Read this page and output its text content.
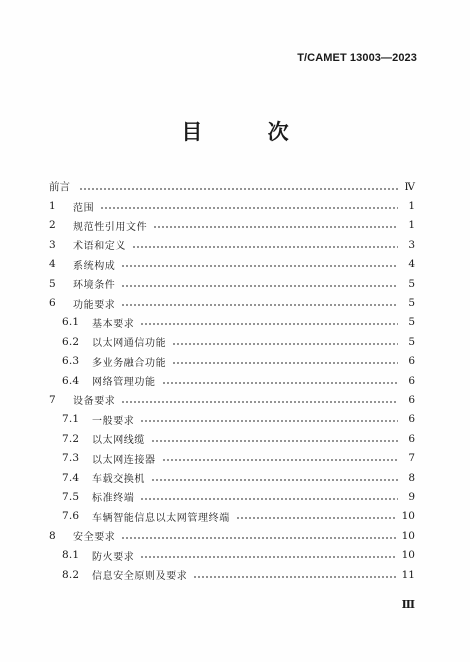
T/CAMET 13003—2023
目 次
前言	Ⅳ
1	范围	1
2	规范性引用文件	1
3	术语和定义	3
4	系统构成	4
5	环境条件	5
6	功能要求	5
6.1	基本要求	5
6.2	以太网通信功能	5
6.3	多业务融合功能	6
6.4	网络管理功能	6
7	设备要求	6
7.1	一般要求	6
7.2	以太网线缆	6
7.3	以太网连接器	7
7.4	车载交换机	8
7.5	标准终端	9
7.6	车辆智能信息以太网管理终端	10
8	安全要求	10
8.1	防火要求	10
8.2	信息安全原则及要求	11
Ⅲ
